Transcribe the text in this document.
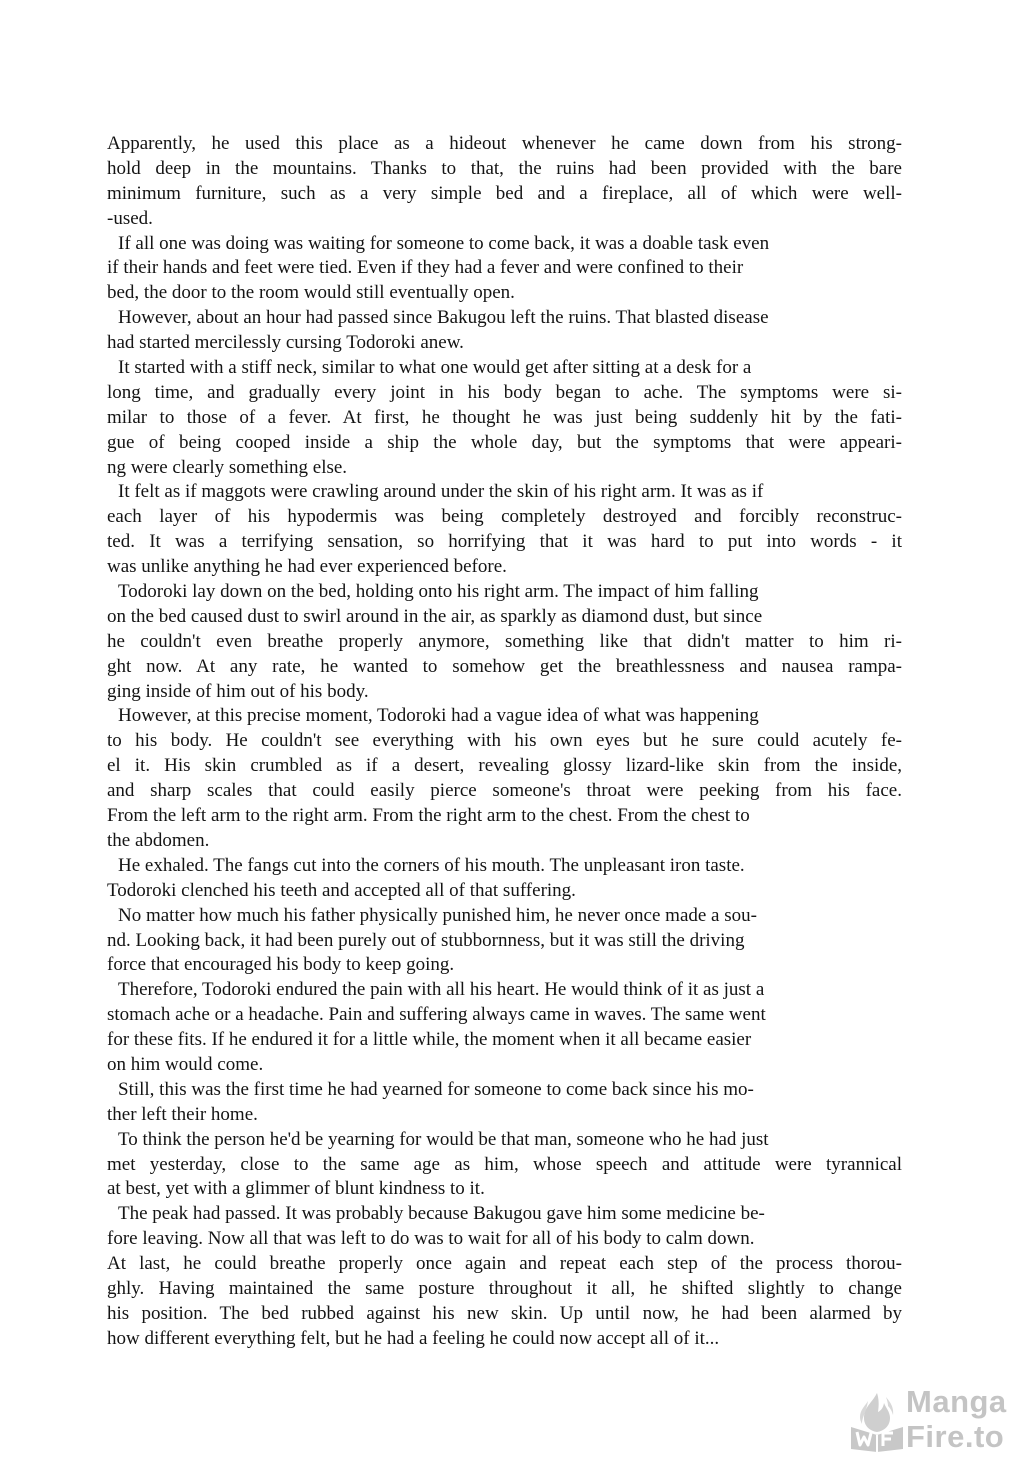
Apparently, he used this place as a hideout whenever he came down from his strong-
hold deep in the mountains. Thanks to that, the ruins had been provided with the bare
minimum furniture, such as a very simple bed and a fireplace, all of which were well-
-used.
If all one was doing was waiting for someone to come back, it was a doable task even
if their hands and feet were tied. Even if they had a fever and were confined to their
bed, the door to the room would still eventually open.
However, about an hour had passed since Bakugou left the ruins. That blasted disease
had started mercilessly cursing Todoroki anew.
It started with a stiff neck, similar to what one would get after sitting at a desk for a
long time, and gradually every joint in his body began to ache. The symptoms were si-
milar to those of a fever. At first, he thought he was just being suddenly hit by the fati-
gue of being cooped inside a ship the whole day, but the symptoms that were appeari-
ng were clearly something else.
It felt as if maggots were crawling around under the skin of his right arm. It was as if
each layer of his hypodermis was being completely destroyed and forcibly reconstruc-
ted. It was a terrifying sensation, so horrifying that it was hard to put into words - it
was unlike anything he had ever experienced before.
Todoroki lay down on the bed, holding onto his right arm. The impact of him falling
on the bed caused dust to swirl around in the air, as sparkly as diamond dust, but since
he couldn't even breathe properly anymore, something like that didn't matter to him ri-
ght now. At any rate, he wanted to somehow get the breathlessness and nausea rampa-
ging inside of him out of his body.
However, at this precise moment, Todoroki had a vague idea of what was happening
to his body. He couldn't see everything with his own eyes but he sure could acutely fe-
el it. His skin crumbled as if a desert, revealing glossy lizard-like skin from the inside,
and sharp scales that could easily pierce someone's throat were peeking from his face.
From the left arm to the right arm. From the right arm to the chest. From the chest to
the abdomen.
He exhaled. The fangs cut into the corners of his mouth. The unpleasant iron taste.
Todoroki clenched his teeth and accepted all of that suffering.
No matter how much his father physically punished him, he never once made a sou-
nd. Looking back, it had been purely out of stubbornness, but it was still the driving
force that encouraged his body to keep going.
Therefore, Todoroki endured the pain with all his heart. He would think of it as just a
stomach ache or a headache. Pain and suffering always came in waves. The same went
for these fits. If he endured it for a little while, the moment when it all became easier
on him would come.
Still, this was the first time he had yearned for someone to come back since his mo-
ther left their home.
To think the person he'd be yearning for would be that man, someone who he had just
met yesterday, close to the same age as him, whose speech and attitude were tyrannical
at best, yet with a glimmer of blunt kindness to it.
The peak had passed. It was probably because Bakugou gave him some medicine be-
fore leaving. Now all that was left to do was to wait for all of his body to calm down.
At last, he could breathe properly once again and repeat each step of the process thorou-
ghly. Having maintained the same posture throughout it all, he shifted slightly to change
his position. The bed rubbed against his new skin. Up until now, he had been alarmed by
how different everything felt, but he had a feeling he could now accept all of it...
Manga
Fire.to
